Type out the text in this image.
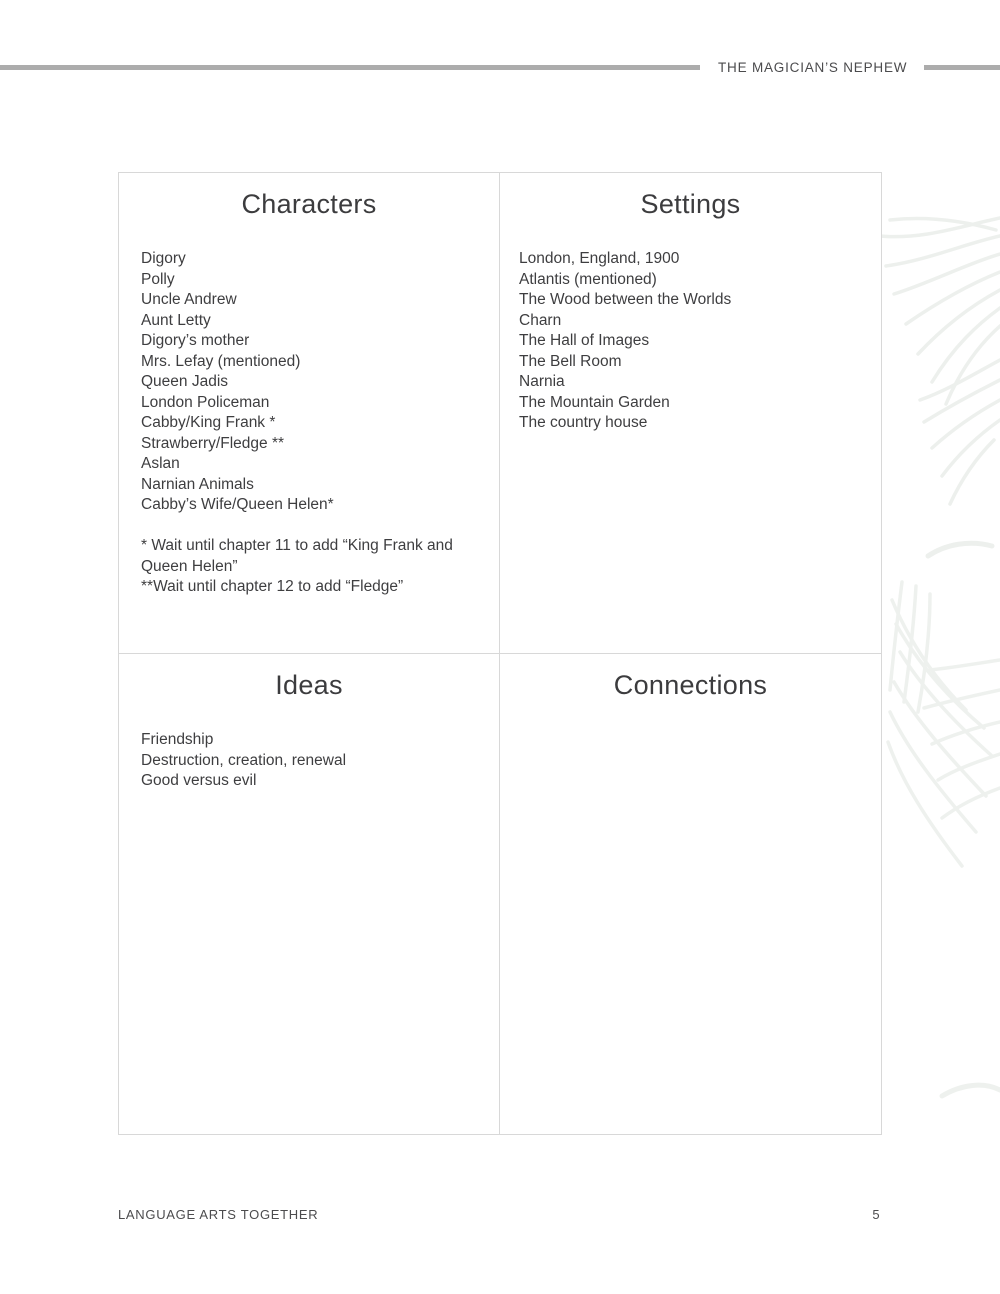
THE MAGICIAN’S NEPHEW
Characters
Digory
Polly
Uncle Andrew
Aunt Letty
Digory’s mother
Mrs. Lefay (mentioned)
Queen Jadis
London Policeman
Cabby/King Frank *
Strawberry/Fledge **
Aslan
Narnian Animals
Cabby’s Wife/Queen Helen*
* Wait until chapter 11 to add “King Frank and Queen Helen”
**Wait until chapter 12 to add “Fledge”
Settings
London, England, 1900
Atlantis (mentioned)
The Wood between the Worlds
Charn
The Hall of Images
The Bell Room
Narnia
The Mountain Garden
The country house
Ideas
Friendship
Destruction, creation, renewal
Good versus evil
Connections
LANGUAGE ARTS TOGETHER	5
